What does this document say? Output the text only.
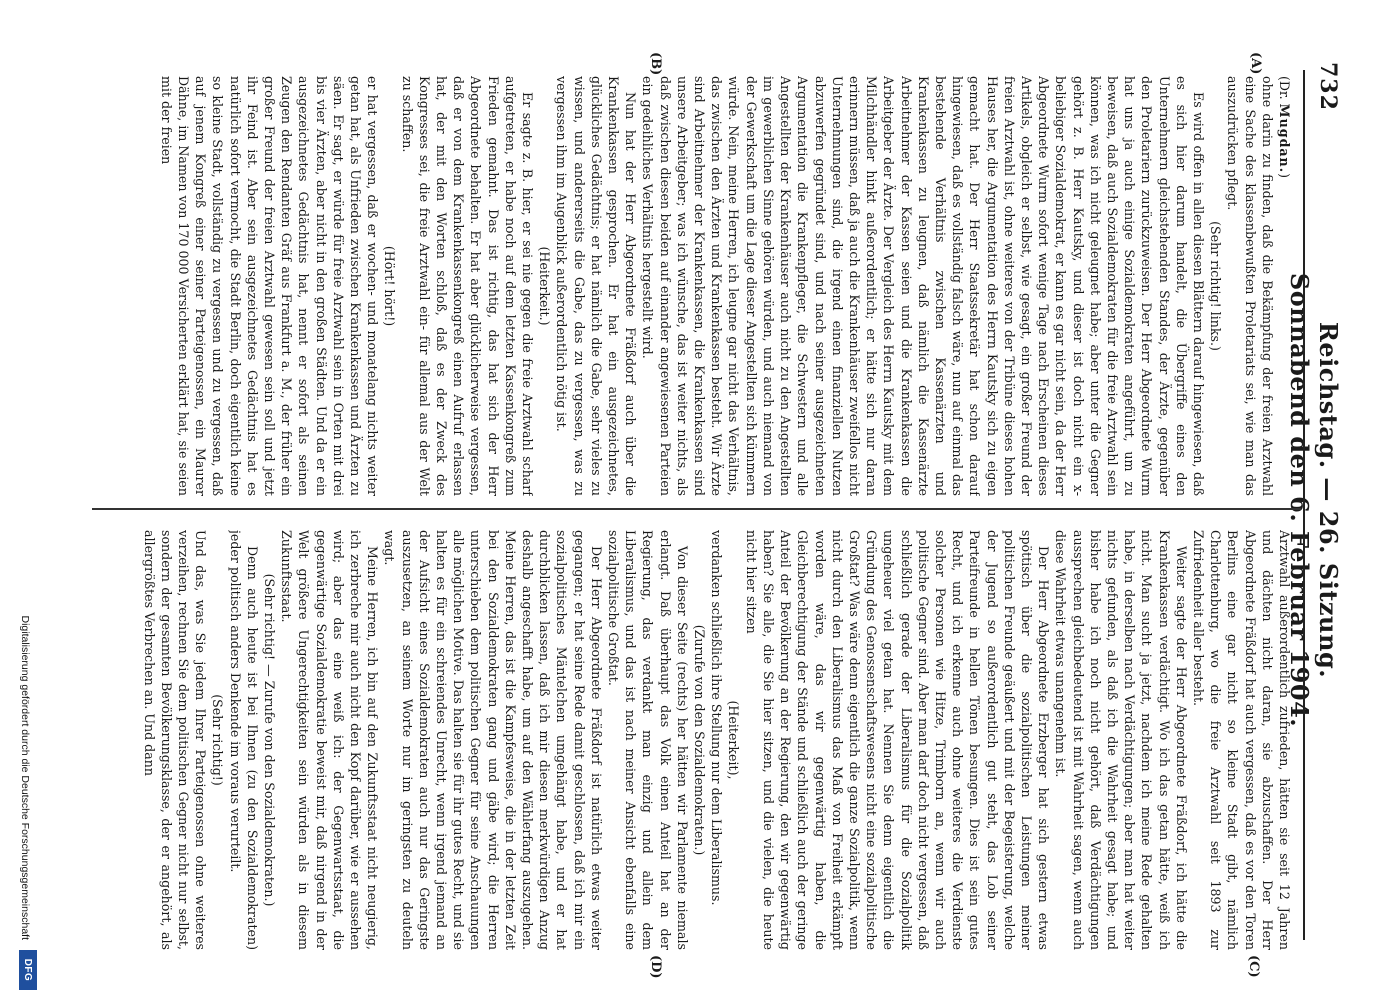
732
Reichstag. — 26. Sitzung. Sonnabend den 6. Februar 1904.
(A)
(B)
(C)
(D)

(Dr. Mugdan.)

ohne darin zu finden, daß die Bekämpfung der freien Arztwahl eine Sache des klassenbewußten Proletariats sei, wie man das auszudrücken pflegt.

(Sehr richtig! links.)

Es wird offen in allen diesen Blättern darauf hingewiesen, daß es sich hier darum handelt, die Übergriffe eines den Unternehmern gleichstehenden Standes, der Ärzte, gegenüber den Proletariern zurückzuweisen. Der Herr Abgeordnete Wurm hat uns ja auch einige Sozialdemokraten angeführt, um zu beweisen, daß auch Sozialdemokraten für die freie Arztwahl sein können, was ich nicht geleugnet habe; aber unter die Gegner gehört z. B. Herr Kautsky, und dieser ist doch nicht ein x-beliebiger Sozialdemokrat, er kann es gar nicht sein, da der Herr Abgeordnete Wurm sofort wenige Tage nach Erscheinen dieses Artikels, obgleich er selbst, wie gesagt, ein großer Freund der freien Arztwahl ist, ohne weiteres von der Tribüne dieses hohen Hauses her, die Argumentation des Herrn Kautsky sich zu eigen gemacht hat. Der Herr Staatssekretär hat schon darauf hingewiesen, daß es vollständig falsch wäre, nun auf einmal das bestehende Verhältnis zwischen Kassenärzten und Krankenkassen zu leugnen, daß nämlich die Kassenärzte Arbeitnehmer der Kassen seien und die Krankenkassen die Arbeitgeber der Ärzte. Der Vergleich des Herrn Kautsky mit dem Milchhändler hinkt außerordentlich; er hätte sich nur daran erinnern müssen, daß ja auch die Krankenhäuser zweifellos nicht Unternehmungen sind, die irgend einen finanziellen Nutzen abzuwerfen gegründet sind, und nach seiner ausgezeichneten Argumentation die Krankenpfleger, die Schwestern und alle Angestellten der Krankenhäuser auch nicht zu den Angestellten im gewerblichen Sinne gehören würden, und auch niemand von der Gewerkschaft um die Lage dieser Angestellten sich kümmern würde. Nein, meine Herren, ich leugne gar nicht das Verhältnis, das zwischen den Ärzten und Krankenkassen besteht. Wir Ärzte sind Arbeitnehmer der Krankenkassen, die Krankenkassen sind unsere Arbeitgeber; was ich wünsche, das ist weiter nichts, als daß zwischen diesen beiden auf einander angewiesenen Parteien ein gedeihliches Verhältnis hergestellt wird.

Nun hat der Herr Abgeordnete Fräßdorf auch über die Krankenkassen gesprochen. Er hat ein ausgezeichnetes, glückliches Gedächtnis; er hat nämlich die Gabe, sehr vieles zu wissen, und andererseits die Gabe, das zu vergessen, was zu vergessen ihm im Augenblick außerordentlich nötig ist.

(Heiterkeit.)

Er sagte z. B. hier, er sei nie gegen die freie Arztwahl scharf aufgetreten, er habe noch auf dem letzten Kassenkongreß zum Frieden gemahnt. Das ist richtig, das hat sich der Herr Abgeordnete behalten. Er hat aber glücklicherweise vergessen, daß er von dem Krankenkassenkongreß einen Aufruf erlassen hat, der mit den Worten schloß, daß es der Zweck des Kongresses sei, die freie Arztwahl ein- für allemal aus der Welt zu schaffen.

(Hört! hört!)

er hat vergessen, daß er wochen- und monatelang nichts weiter getan hat, als Unfrieden zwischen Krankenkassen und Ärzten zu säen. Er sagt, er würde für freie Arztwahl sein in Orten mit drei bis vier Ärzten, aber nicht in den großen Städten. Und da er ein ausgezeichnetes Gedächtnis hat, nennt er sofort als seinen Zeugen den Rendanten Gräf aus Frankfurt a. M., der früher ein großer Freund der freien Arztwahl gewesen sein soll und jetzt ihr Feind ist. Aber sein ausgezeichnetes Gedächtnis hat es natürlich sofort vermocht, die Stadt Berlin, doch eigentlich keine so kleine Stadt, vollständig zu vergessen und zu vergessen, daß auf jenem Kongreß einer seiner Parteigenossen, ein Maurer Dähne, im Namen von 170 000 Versicherten erklärt hat, sie seien mit der freien

Arztwahl außerordentlich zufrieden, hätten sie seit 12 Jahren und dächten nicht daran, sie abzuschaffen. Der Herr Abgeordnete Fräßdorf hat auch vergessen, daß es vor den Toren Berlins eine gar nicht so kleine Stadt gibt, nämlich Charlottenburg, wo die freie Arztwahl seit 1893 zur Zufriedenheit aller besteht.

Weiter sagte der Herr Abgeordnete Fräßdorf, ich hätte die Krankenkassen verdächtigt. Wo ich das getan hätte, weiß ich nicht. Man sucht ja jetzt, nachdem ich meine Rede gehalten habe, in derselben nach Verdächtigungen; aber man hat weiter nichts gefunden, als daß ich die Wahrheit gesagt habe; und bisher habe ich noch nicht gehört, daß Verdächtigungen aussprechen gleichbedeutend ist mit Wahrheit sagen, wenn auch diese Wahrheit etwas unangenehm ist.

Der Herr Abgeordnete Erzberger hat sich gestern etwas spöttisch über die sozialpolitischen Leistungen meiner politischen Freunde geäußert und mit der Begeisterung, welche der Jugend so außerordentlich gut steht, das Lob seiner Parteifreunde in hellen Tönen besungen. Dies ist sein gutes Recht, und ich erkenne auch ohne weiteres die Verdienste solcher Personen wie Hitze, Trimborn an, wenn wir auch politische Gegner sind. Aber man darf doch nicht vergessen, daß schließlich gerade der Liberalismus für die Sozialpolitik ungeheuer viel getan hat. Nennen Sie denn eigentlich die Gründung des Genossenschaftswesens nicht eine sozialpolitische Großtat? Was wäre denn eigentlich die ganze Sozialpolitik, wenn nicht durch den Liberalismus das Maß von Freiheit erkämpft worden wäre, das wir gegenwärtig haben, die Gleichberechtigung der Stände und schließlich auch der geringe Anteil der Bevölkerung an der Regierung, den wir gegenwärtig haben? Sie alle, die Sie hier sitzen, und die vielen, die heute nicht hier sitzen

(Heiterkeit),

verdanken schließlich ihre Stellung nur dem Liberalismus.

(Zurufe von den Sozialdemokraten.)

Von dieser Seite (rechts) her hätten wir Parlamente niemals erlangt. Daß überhaupt das Volk einen Anteil hat an der Regierung, das verdankt man einzig und allein dem Liberalismus, und das ist nach meiner Ansicht ebenfalls eine sozialpolitische Großtat.

Der Herr Abgeordnete Fräßdorf ist natürlich etwas weiter gegangen; er hat seine Rede damit geschlossen, daß ich mir ein sozialpolitisches Mäntelchen umgehängt habe, und er hat durchblicken lassen, daß ich mir diesen merkwürdigen Anzug deshalb angeschafft habe, um auf den Wählerfang auszugehen. Meine Herren, das ist die Kampfesweise, die in der letzten Zeit bei den Sozialdemokraten gang und gäbe wird; die Herren unterschieben dem politischen Gegner für seine Anschauungen alle möglichen Motive. Das halten sie für ihr gutes Recht, und sie halten es für ein schreiendes Unrecht, wenn irgend jemand an der Aufsicht eines Sozialdemokraten auch nur das Geringste auszusetzen, an seinem Worte nur im geringsten zu deuteln wagt.

Meine Herren, ich bin auf den Zukunftsstaat nicht neugierig, ich zerbreche mir auch nicht den Kopf darüber, wie er aussehen wird; aber das eine weiß ich: der Gegenwartsstaat, die gegenwärtige Sozialdemokratie beweist mir, daß nirgend in der Welt größere Ungerechtigkeiten sein würden als in diesem Zukunftsstaat.

(Sehr richtig! — Zurufe von den Sozialdemokraten.)

Denn auch heute ist bei Ihnen (zu den Sozialdemokraten) jeder politisch anders Denkende im voraus verurteilt.

(Sehr richtig!)

Und das, was Sie jedem Ihrer Parteigenossen ohne weiteres verzeihen, rechnen Sie dem politischen Gegner nicht nur selbst, sondern der gesamten Bevölkerungsklasse, der er angehört, als allergrößtes Verbrechen an. Und dann

Digitalisierung gefördert durch die Deutsche Forschungsgemeinschaft
DFG
